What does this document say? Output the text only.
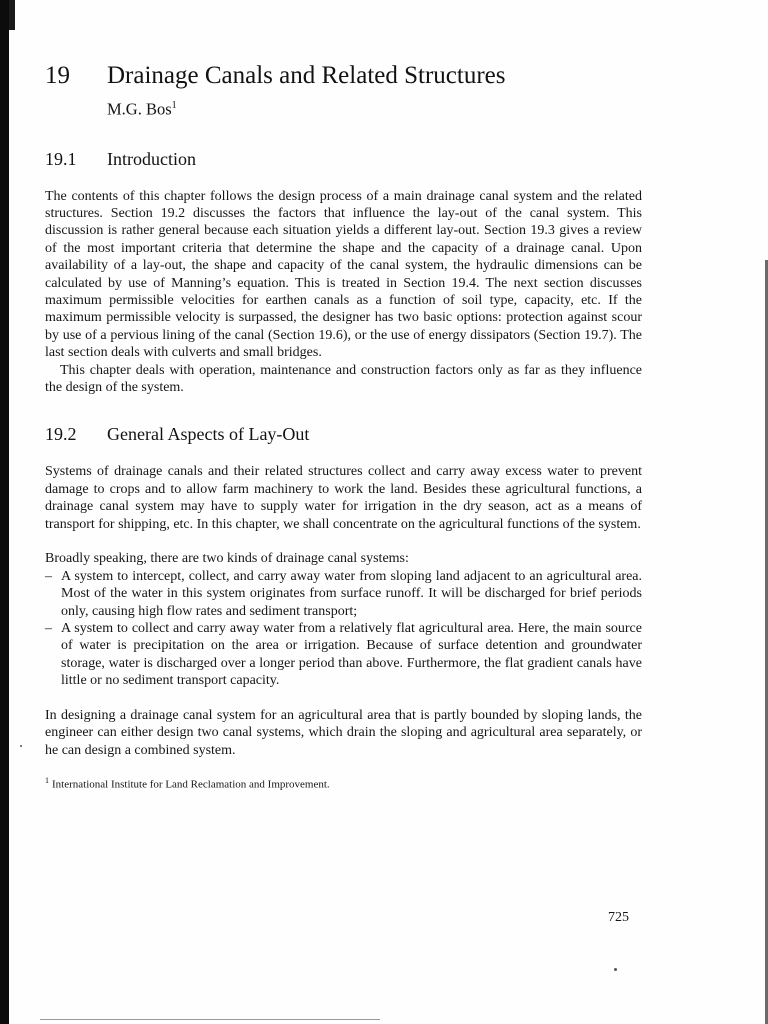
19	Drainage Canals and Related Structures
M.G. Bos$^1$
19.1	Introduction

The contents of this chapter follows the design process of a main drainage canal system and the related structures. Section 19.2 discusses the factors that influence the lay-out of the canal system. This discussion is rather general because each situation yields a different lay-out. Section 19.3 gives a review of the most important criteria that determine the shape and the capacity of a drainage canal. Upon availability of a lay-out, the shape and capacity of the canal system, the hydraulic dimensions can be calculated by use of Manning’s equation. This is treated in Section 19.4. The next section discusses maximum permissible velocities for earthen canals as a function of soil type, capacity, etc. If the maximum permissible velocity is surpassed, the designer has two basic options: protection against scour by use of a pervious lining of the canal (Section 19.6), or the use of energy dissipators (Section 19.7). The last section deals with culverts and small bridges.

This chapter deals with operation, maintenance and construction factors only as far as they influence the design of the system.

19.2	General Aspects of Lay-Out

Systems of drainage canals and their related structures collect and carry away excess water to prevent damage to crops and to allow farm machinery to work the land. Besides these agricultural functions, a drainage canal system may have to supply water for irrigation in the dry season, act as a means of transport for shipping, etc. In this chapter, we shall concentrate on the agricultural functions of the system.

Broadly speaking, there are two kinds of drainage canal systems:

– A system to intercept, collect, and carry away water from sloping land adjacent to an agricultural area. Most of the water in this system originates from surface runoff. It will be discharged for brief periods only, causing high flow rates and sediment transport;
– A system to collect and carry away water from a relatively flat agricultural area. Here, the main source of water is precipitation on the area or irrigation. Because of surface detention and groundwater storage, water is discharged over a longer period than above. Furthermore, the flat gradient canals have little or no sediment transport capacity.

In designing a drainage canal system for an agricultural area that is partly bounded by sloping lands, the engineer can either design two canal systems, which drain the sloping and agricultural area separately, or he can design a combined system.

$^1$ International Institute for Land Reclamation and Improvement.
725
